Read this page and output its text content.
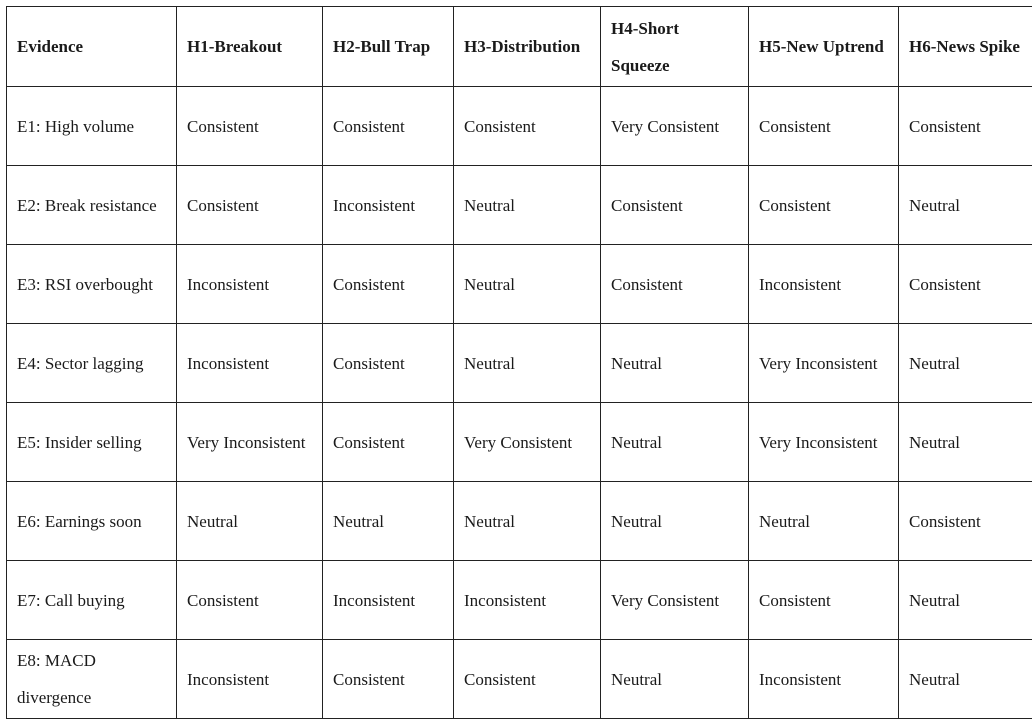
Evidence	H1-Breakout	H2-Bull Trap	H3-Distribution	H4-Short Squeeze	H5-New Uptrend	H6-News Spike
E1: High volume	Consistent	Consistent	Consistent	Very Consistent	Consistent	Consistent
E2: Break resistance	Consistent	Inconsistent	Neutral	Consistent	Consistent	Neutral
E3: RSI overbought	Inconsistent	Consistent	Neutral	Consistent	Inconsistent	Consistent
E4: Sector lagging	Inconsistent	Consistent	Neutral	Neutral	Very Inconsistent	Neutral
E5: Insider selling	Very Inconsistent	Consistent	Very Consistent	Neutral	Very Inconsistent	Neutral
E6: Earnings soon	Neutral	Neutral	Neutral	Neutral	Neutral	Consistent
E7: Call buying	Consistent	Inconsistent	Inconsistent	Very Consistent	Consistent	Neutral
E8: MACD divergence	Inconsistent	Consistent	Consistent	Neutral	Inconsistent	Neutral
